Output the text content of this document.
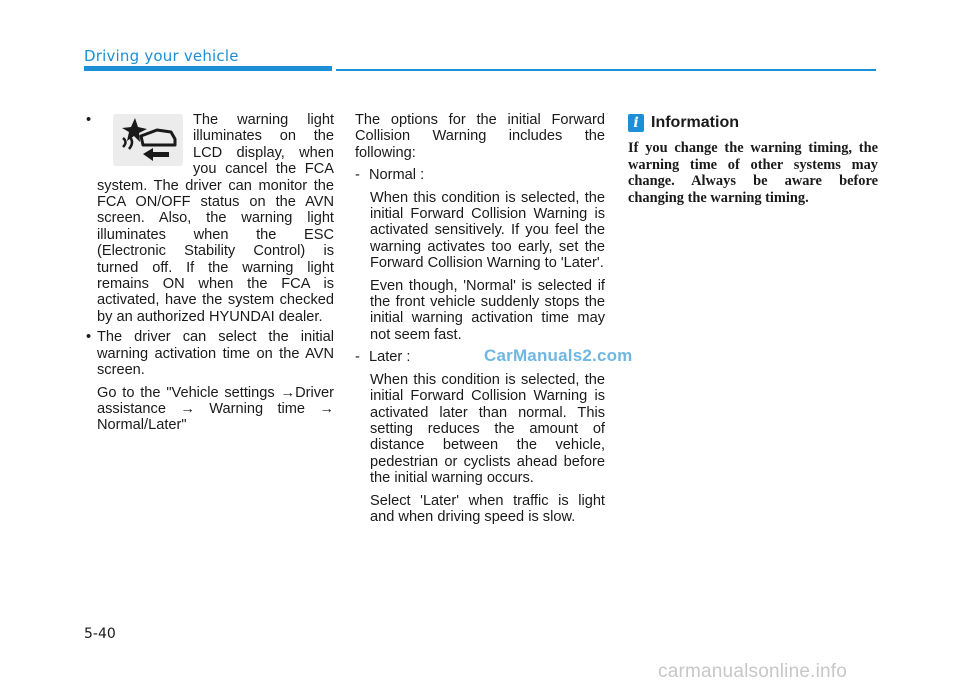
Driving your vehicle
•	The warning light illuminates on the LCD display, when you cancel the FCA system. The driver can monitor the FCA ON/OFF status on the AVN screen. Also, the warning light illuminates when the ESC (Electronic Stability Control) is turned off. If the warning light remains ON when the FCA is activated, have the system checked by an authorized HYUNDAI dealer.

• The driver can select the initial warning activation time on the AVN screen.

Go to the "Vehicle settings →Driver assistance → Warning time → Normal/Later"

The options for the initial Forward Collision Warning includes the following:

- Normal :

When this condition is selected, the initial Forward Collision Warning is activated sensitively. If you feel the warning activates too early, set the Forward Collision Warning to 'Later'.

Even though, 'Normal' is selected if the front vehicle suddenly stops the initial warning activation time may not seem fast.

- Later :

When this condition is selected, the initial Forward Collision Warning is activated later than normal. This setting reduces the amount of distance between the vehicle, pedestrian or cyclists ahead before the initial warning occurs.

Select 'Later' when traffic is light and when driving speed is slow.

i Information

If you change the warning timing, the warning time of other systems may change. Always be aware before changing the warning timing.

CarManuals2.com
5-40
carmanualsonline.info
